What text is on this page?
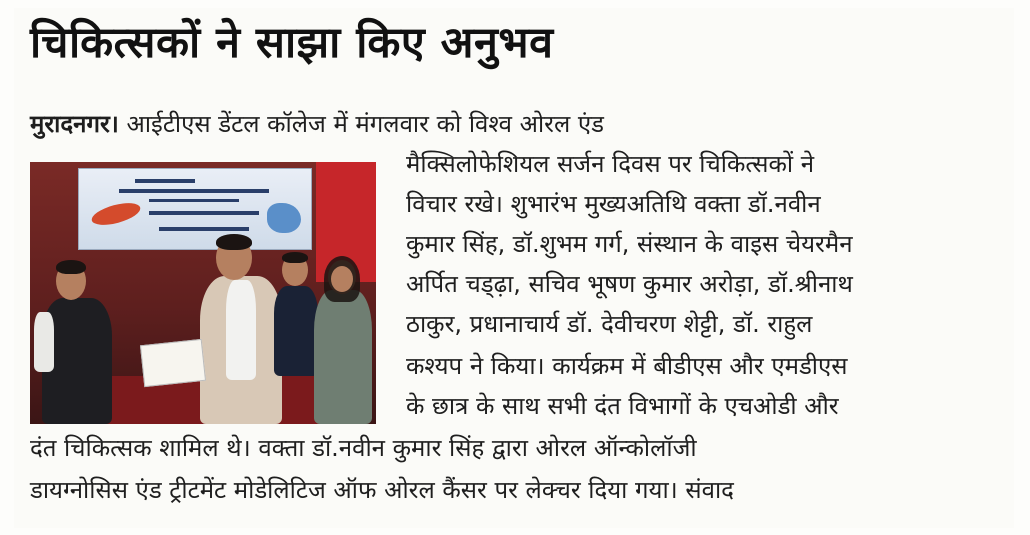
चिकित्सकों ने साझा किए अनुभव
मुरादनगर। आईटीएस डेंटल कॉलेज में मंगलवार को विश्व ओरल एंड
मैक्सिलोफेशियल सर्जन दिवस पर चिकित्सकों ने
विचार रखे। शुभारंभ मुख्यअतिथि वक्ता डॉ.नवीन
कुमार सिंह, डॉ.शुभम गर्ग, संस्थान के वाइस चेयरमैन
अर्पित चड्ढ़ा, सचिव भूषण कुमार अरोड़ा, डॉ.श्रीनाथ
ठाकुर, प्रधानाचार्य डॉ. देवीचरण शेट्टी, डॉ. राहुल
कश्यप ने किया। कार्यक्रम में बीडीएस और एमडीएस
के छात्र के साथ सभी दंत विभागों के एचओडी और
दंत चिकित्सक शामिल थे। वक्ता डॉ.नवीन कुमार सिंह द्वारा ओरल ऑन्कोलॉजी
डायग्नोसिस एंड ट्रीटमेंट मोडेलिटिज ऑफ ओरल कैंसर पर लेक्चर दिया गया। संवाद
